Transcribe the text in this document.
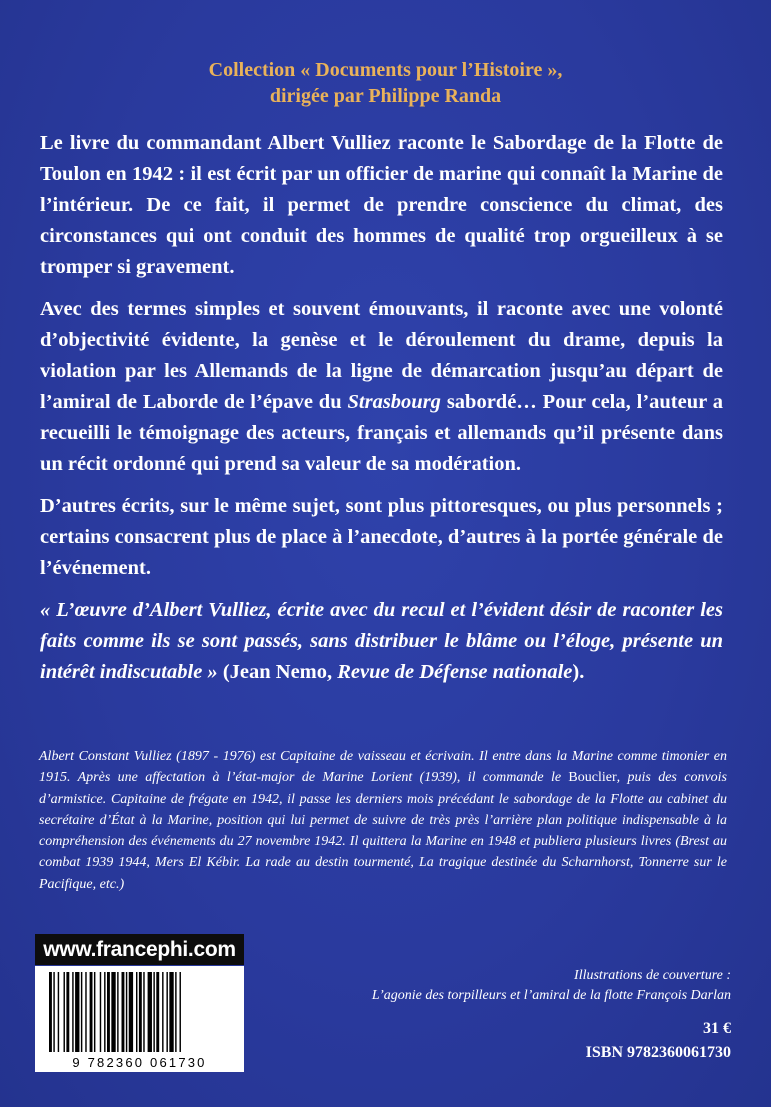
Collection « Documents pour l’Histoire »,
dirigée par Philippe Randa

Le livre du commandant Albert Vulliez raconte le Sabordage de la Flotte de Toulon en 1942 : il est écrit par un officier de marine qui connaît la Marine de l’intérieur. De ce fait, il permet de prendre conscience du climat, des circonstances qui ont conduit des hommes de qualité trop orgueilleux à se tromper si gravement.

Avec des termes simples et souvent émouvants, il raconte avec une volonté d’objectivité évidente, la genèse et le déroulement du drame, depuis la violation par les Allemands de la ligne de démarcation jusqu’au départ de l’amiral de Laborde de l’épave du Strasbourg sabordé… Pour cela, l’auteur a recueilli le témoignage des acteurs, français et allemands qu’il présente dans un récit ordonné qui prend sa valeur de sa modération.

D’autres écrits, sur le même sujet, sont plus pittoresques, ou plus personnels ; certains consacrent plus de place à l’anecdote, d’autres à la portée générale de l’événement.

« L’œuvre d’Albert Vulliez, écrite avec du recul et l’évident désir de raconter les faits comme ils se sont passés, sans distribuer le blâme ou l’éloge, présente un intérêt indiscutable » (Jean Nemo, Revue de Défense nationale).

Albert Constant Vulliez (1897 - 1976) est Capitaine de vaisseau et écrivain. Il entre dans la Marine comme timonier en 1915. Après une affectation à l’état-major de Marine Lorient (1939), il commande le Bouclier, puis des convois d’armistice. Capitaine de frégate en 1942, il passe les derniers mois précédant le sabordage de la Flotte au cabinet du secrétaire d’État à la Marine, position qui lui permet de suivre de très près l’arrière plan politique indispensable à la compréhension des événements du 27 novembre 1942. Il quittera la Marine en 1948 et publiera plusieurs livres (Brest au combat 1939 1944, Mers El Kébir. La rade au destin tourmenté, La tragique destinée du Scharnhorst, Tonnerre sur le Pacifique, etc.)
www.francephi.com
9 782360 061730
Illustrations de couverture :
L’agonie des torpilleurs et l’amiral de la flotte François Darlan
31 €
ISBN 9782360061730
